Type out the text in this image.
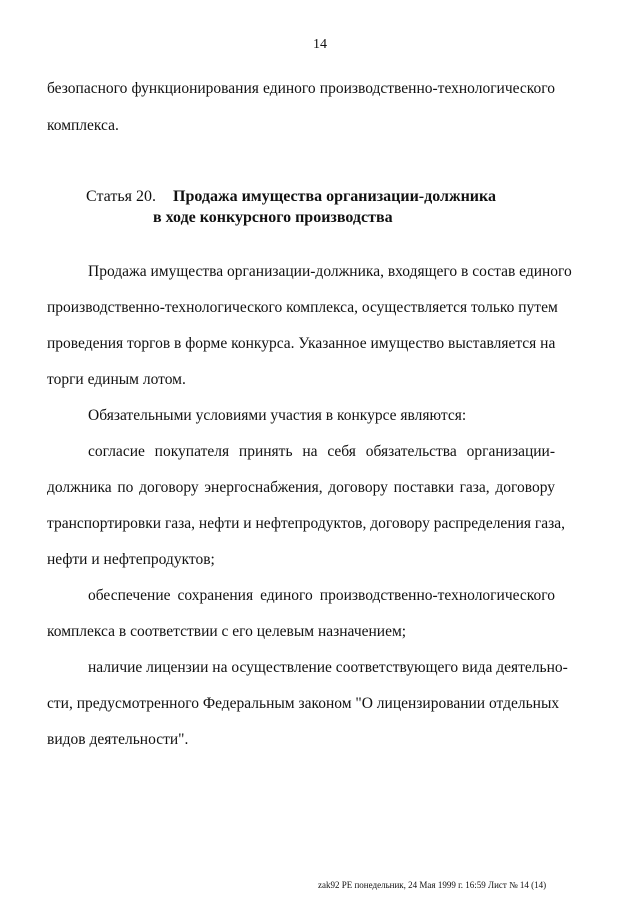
14
безопасного функционирования единого производственно-технологического
комплекса.
Статья 20. Продажа имущества организации-должника
в ходе конкурсного производства
Продажа имущества организации-должника, входящего в состав единого
производственно-технологического комплекса, осуществляется только путем
проведения торгов в форме конкурса. Указанное имущество выставляется на
торги единым лотом.
Обязательными условиями участия в конкурсе являются:
согласие покупателя принять на себя обязательства организации-
должника по договору энергоснабжения, договору поставки газа, договору
транспортировки газа, нефти и нефтепродуктов, договору распределения газа,
нефти и нефтепродуктов;
обеспечение сохранения единого производственно-технологического
комплекса в соответствии с его целевым назначением;
наличие лицензии на осуществление соответствующего вида деятельно-
сти, предусмотренного Федеральным законом "О лицензировании отдельных
видов деятельности".
zak92 PE понедельник, 24 Мая 1999 г. 16:59 Лист № 14 (14)
